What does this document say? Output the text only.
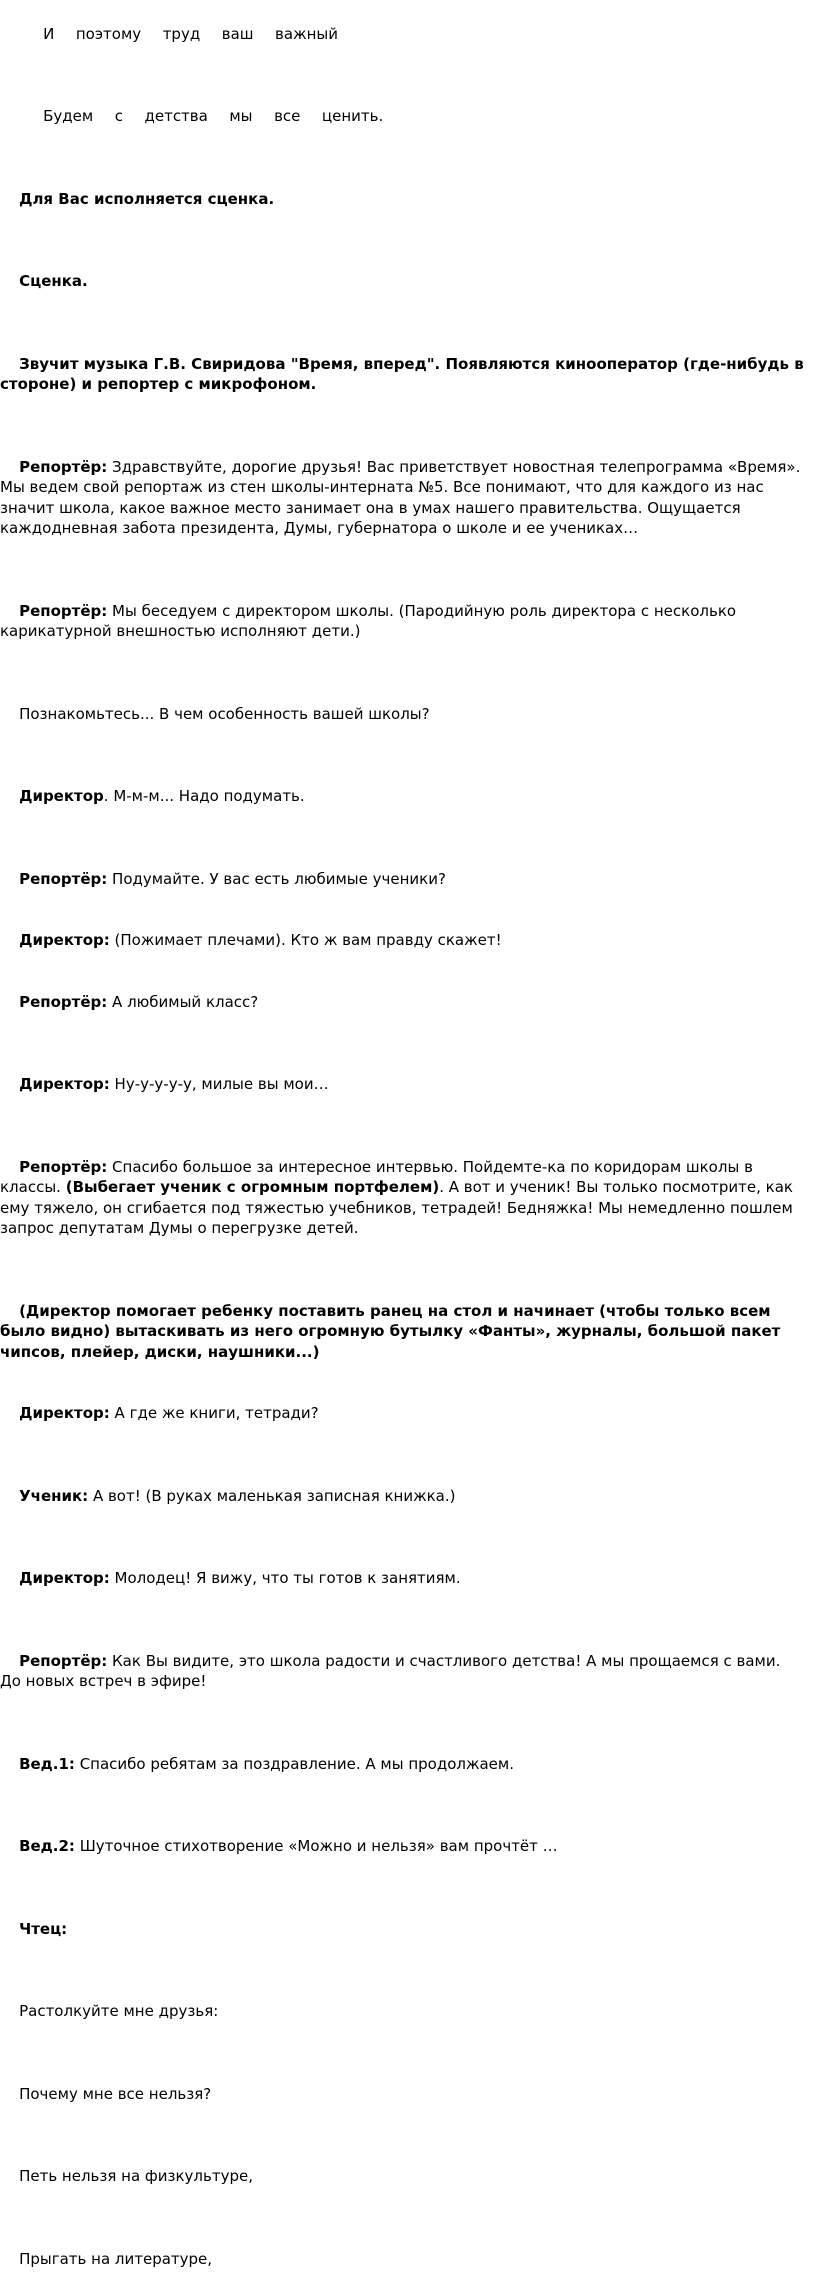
И  поэтому  труд  ваш  важный

Будем  с  детства  мы  все  ценить.

Для Вас исполняется сценка.

Сценка.

Звучит музыка Г.В. Свиридова "Время, вперед". Появляются кинооператор (где-нибудь в стороне) и репортер с микрофоном.

Репортёр: Здравствуйте, дорогие друзья! Вас приветствует новостная телепрограмма «Время». Мы ведем свой репортаж из стен школы-интерната №5. Все понимают, что для каждого из нас значит школа, какое важное место занимает она в умах нашего правительства. Ощущается каждодневная забота президента, Думы, губернатора о школе и ее учениках…

Репортёр: Мы беседуем с директором школы. (Пародийную роль директора с несколько карикатурной внешностью исполняют дети.)

Познакомьтесь... В чем особенность вашей школы?

Директор. М-м-м... Надо подумать.

Репортёр: Подумайте. У вас есть любимые ученики?

Директор: (Пожимает плечами). Кто ж вам правду скажет!

Репортёр: А любимый класс?

Директор: Ну-у-у-у-у, милые вы мои…

Репортёр: Спасибо большое за интересное интервью. Пойдемте-ка по коридорам школы в классы. (Выбегает ученик с огромным портфелем). А вот и ученик! Вы только посмотрите, как ему тяжело, он сгибается под тяжестью учебников, тетрадей! Бедняжка! Мы немедленно пошлем запрос депутатам Думы о перегрузке детей.

(Директор помогает ребенку поставить ранец на стол и начинает (чтобы только всем было видно) вытаскивать из него огромную бутылку «Фанты», журналы, большой пакет чипсов, плейер, диски, наушники...)

Директор: А где же книги, тетради?

Ученик: А вот! (В руках маленькая записная книжка.)

Директор: Молодец! Я вижу, что ты готов к занятиям.

Репортёр: Как Вы видите, это школа радости и счастливого детства! А мы прощаемся с вами. До новых встреч в эфире!

Вед.1: Спасибо ребятам за поздравление. А мы продолжаем.

Вед.2: Шуточное стихотворение «Можно и нельзя» вам прочтёт …

Чтец:

Растолкуйте мне друзья:

Почему мне все нельзя?

Петь нельзя на физкультуре,

Прыгать на литературе,
